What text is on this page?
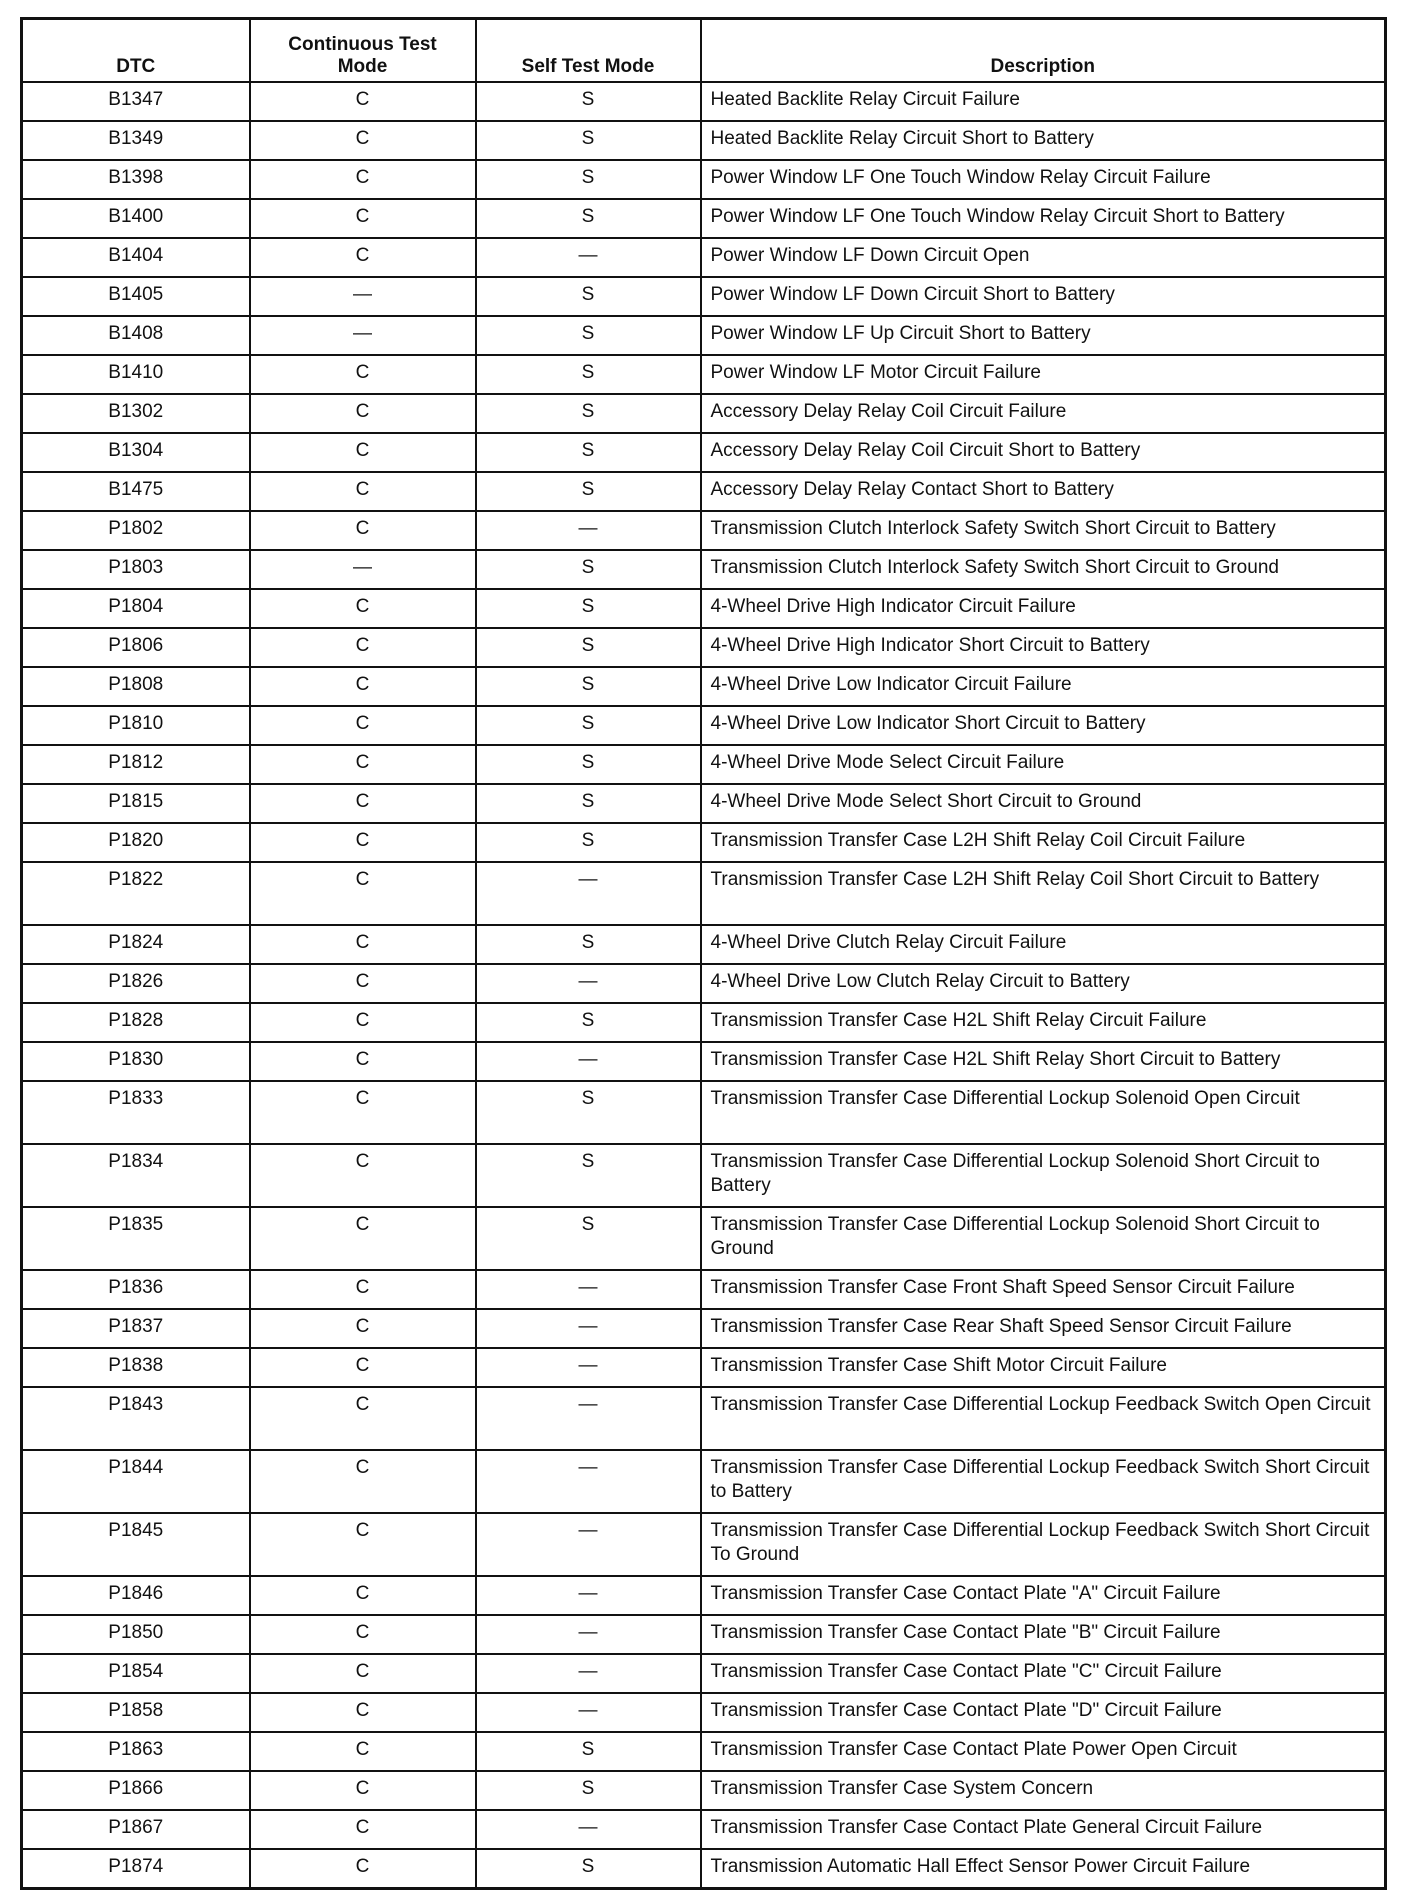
DTC	Continuous Test Mode	Self Test Mode	Description
B1347	C	S	Heated Backlite Relay Circuit Failure
B1349	C	S	Heated Backlite Relay Circuit Short to Battery
B1398	C	S	Power Window LF One Touch Window Relay Circuit Failure
B1400	C	S	Power Window LF One Touch Window Relay Circuit Short to Battery
B1404	C	—	Power Window LF Down Circuit Open
B1405	—	S	Power Window LF Down Circuit Short to Battery
B1408	—	S	Power Window LF Up Circuit Short to Battery
B1410	C	S	Power Window LF Motor Circuit Failure
B1302	C	S	Accessory Delay Relay Coil Circuit Failure
B1304	C	S	Accessory Delay Relay Coil Circuit Short to Battery
B1475	C	S	Accessory Delay Relay Contact Short to Battery
P1802	C	—	Transmission Clutch Interlock Safety Switch Short Circuit to Battery
P1803	—	S	Transmission Clutch Interlock Safety Switch Short Circuit to Ground
P1804	C	S	4-Wheel Drive High Indicator Circuit Failure
P1806	C	S	4-Wheel Drive High Indicator Short Circuit to Battery
P1808	C	S	4-Wheel Drive Low Indicator Circuit Failure
P1810	C	S	4-Wheel Drive Low Indicator Short Circuit to Battery
P1812	C	S	4-Wheel Drive Mode Select Circuit Failure
P1815	C	S	4-Wheel Drive Mode Select Short Circuit to Ground
P1820	C	S	Transmission Transfer Case L2H Shift Relay Coil Circuit Failure
P1822	C	—	Transmission Transfer Case L2H Shift Relay Coil Short Circuit to Battery
P1824	C	S	4-Wheel Drive Clutch Relay Circuit Failure
P1826	C	—	4-Wheel Drive Low Clutch Relay Circuit to Battery
P1828	C	S	Transmission Transfer Case H2L Shift Relay Circuit Failure
P1830	C	—	Transmission Transfer Case H2L Shift Relay Short Circuit to Battery
P1833	C	S	Transmission Transfer Case Differential Lockup Solenoid Open Circuit
P1834	C	S	Transmission Transfer Case Differential Lockup Solenoid Short Circuit to Battery
P1835	C	S	Transmission Transfer Case Differential Lockup Solenoid Short Circuit to Ground
P1836	C	—	Transmission Transfer Case Front Shaft Speed Sensor Circuit Failure
P1837	C	—	Transmission Transfer Case Rear Shaft Speed Sensor Circuit Failure
P1838	C	—	Transmission Transfer Case Shift Motor Circuit Failure
P1843	C	—	Transmission Transfer Case Differential Lockup Feedback Switch Open Circuit
P1844	C	—	Transmission Transfer Case Differential Lockup Feedback Switch Short Circuit to Battery
P1845	C	—	Transmission Transfer Case Differential Lockup Feedback Switch Short Circuit To Ground
P1846	C	—	Transmission Transfer Case Contact Plate "A" Circuit Failure
P1850	C	—	Transmission Transfer Case Contact Plate "B" Circuit Failure
P1854	C	—	Transmission Transfer Case Contact Plate "C" Circuit Failure
P1858	C	—	Transmission Transfer Case Contact Plate "D" Circuit Failure
P1863	C	S	Transmission Transfer Case Contact Plate Power Open Circuit
P1866	C	S	Transmission Transfer Case System Concern
P1867	C	—	Transmission Transfer Case Contact Plate General Circuit Failure
P1874	C	S	Transmission Automatic Hall Effect Sensor Power Circuit Failure
